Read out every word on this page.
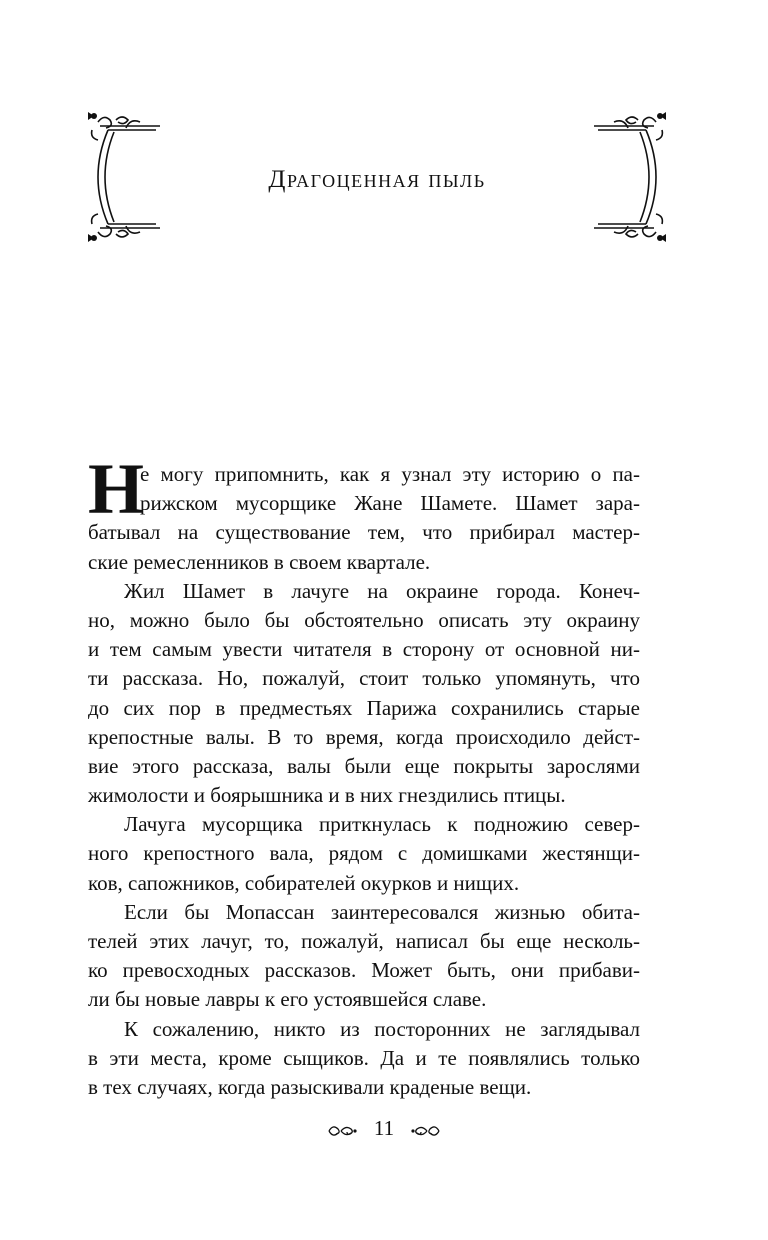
Драгоценная пыль
Н
е могу припомнить, как я узнал эту историю о па-
рижском мусорщике Жане Шамете. Шамет зара-
батывал на существование тем, что прибирал мастер-
ские ремесленников в своем квартале.
Жил Шамет в лачуге на окраине города. Конеч-
но, можно было бы обстоятельно описать эту окраину
и тем самым увести читателя в сторону от основной ни-
ти рассказа. Но, пожалуй, стоит только упомянуть, что
до сих пор в предместьях Парижа сохранились старые
крепостные валы. В то время, когда происходило дейст-
вие этого рассказа, валы были еще покрыты зарослями
жимолости и боярышника и в них гнездились птицы.
Лачуга мусорщика приткнулась к подножию север-
ного крепостного вала, рядом с домишками жестянщи-
ков, сапожников, собирателей окурков и нищих.
Если бы Мопассан заинтересовался жизнью обита-
телей этих лачуг, то, пожалуй, написал бы еще несколь-
ко превосходных рассказов. Может быть, они прибави-
ли бы новые лавры к его устоявшейся славе.
К сожалению, никто из посторонних не заглядывал
в эти места, кроме сыщиков. Да и те появлялись только
в тех случаях, когда разыскивали краденые вещи.
11
